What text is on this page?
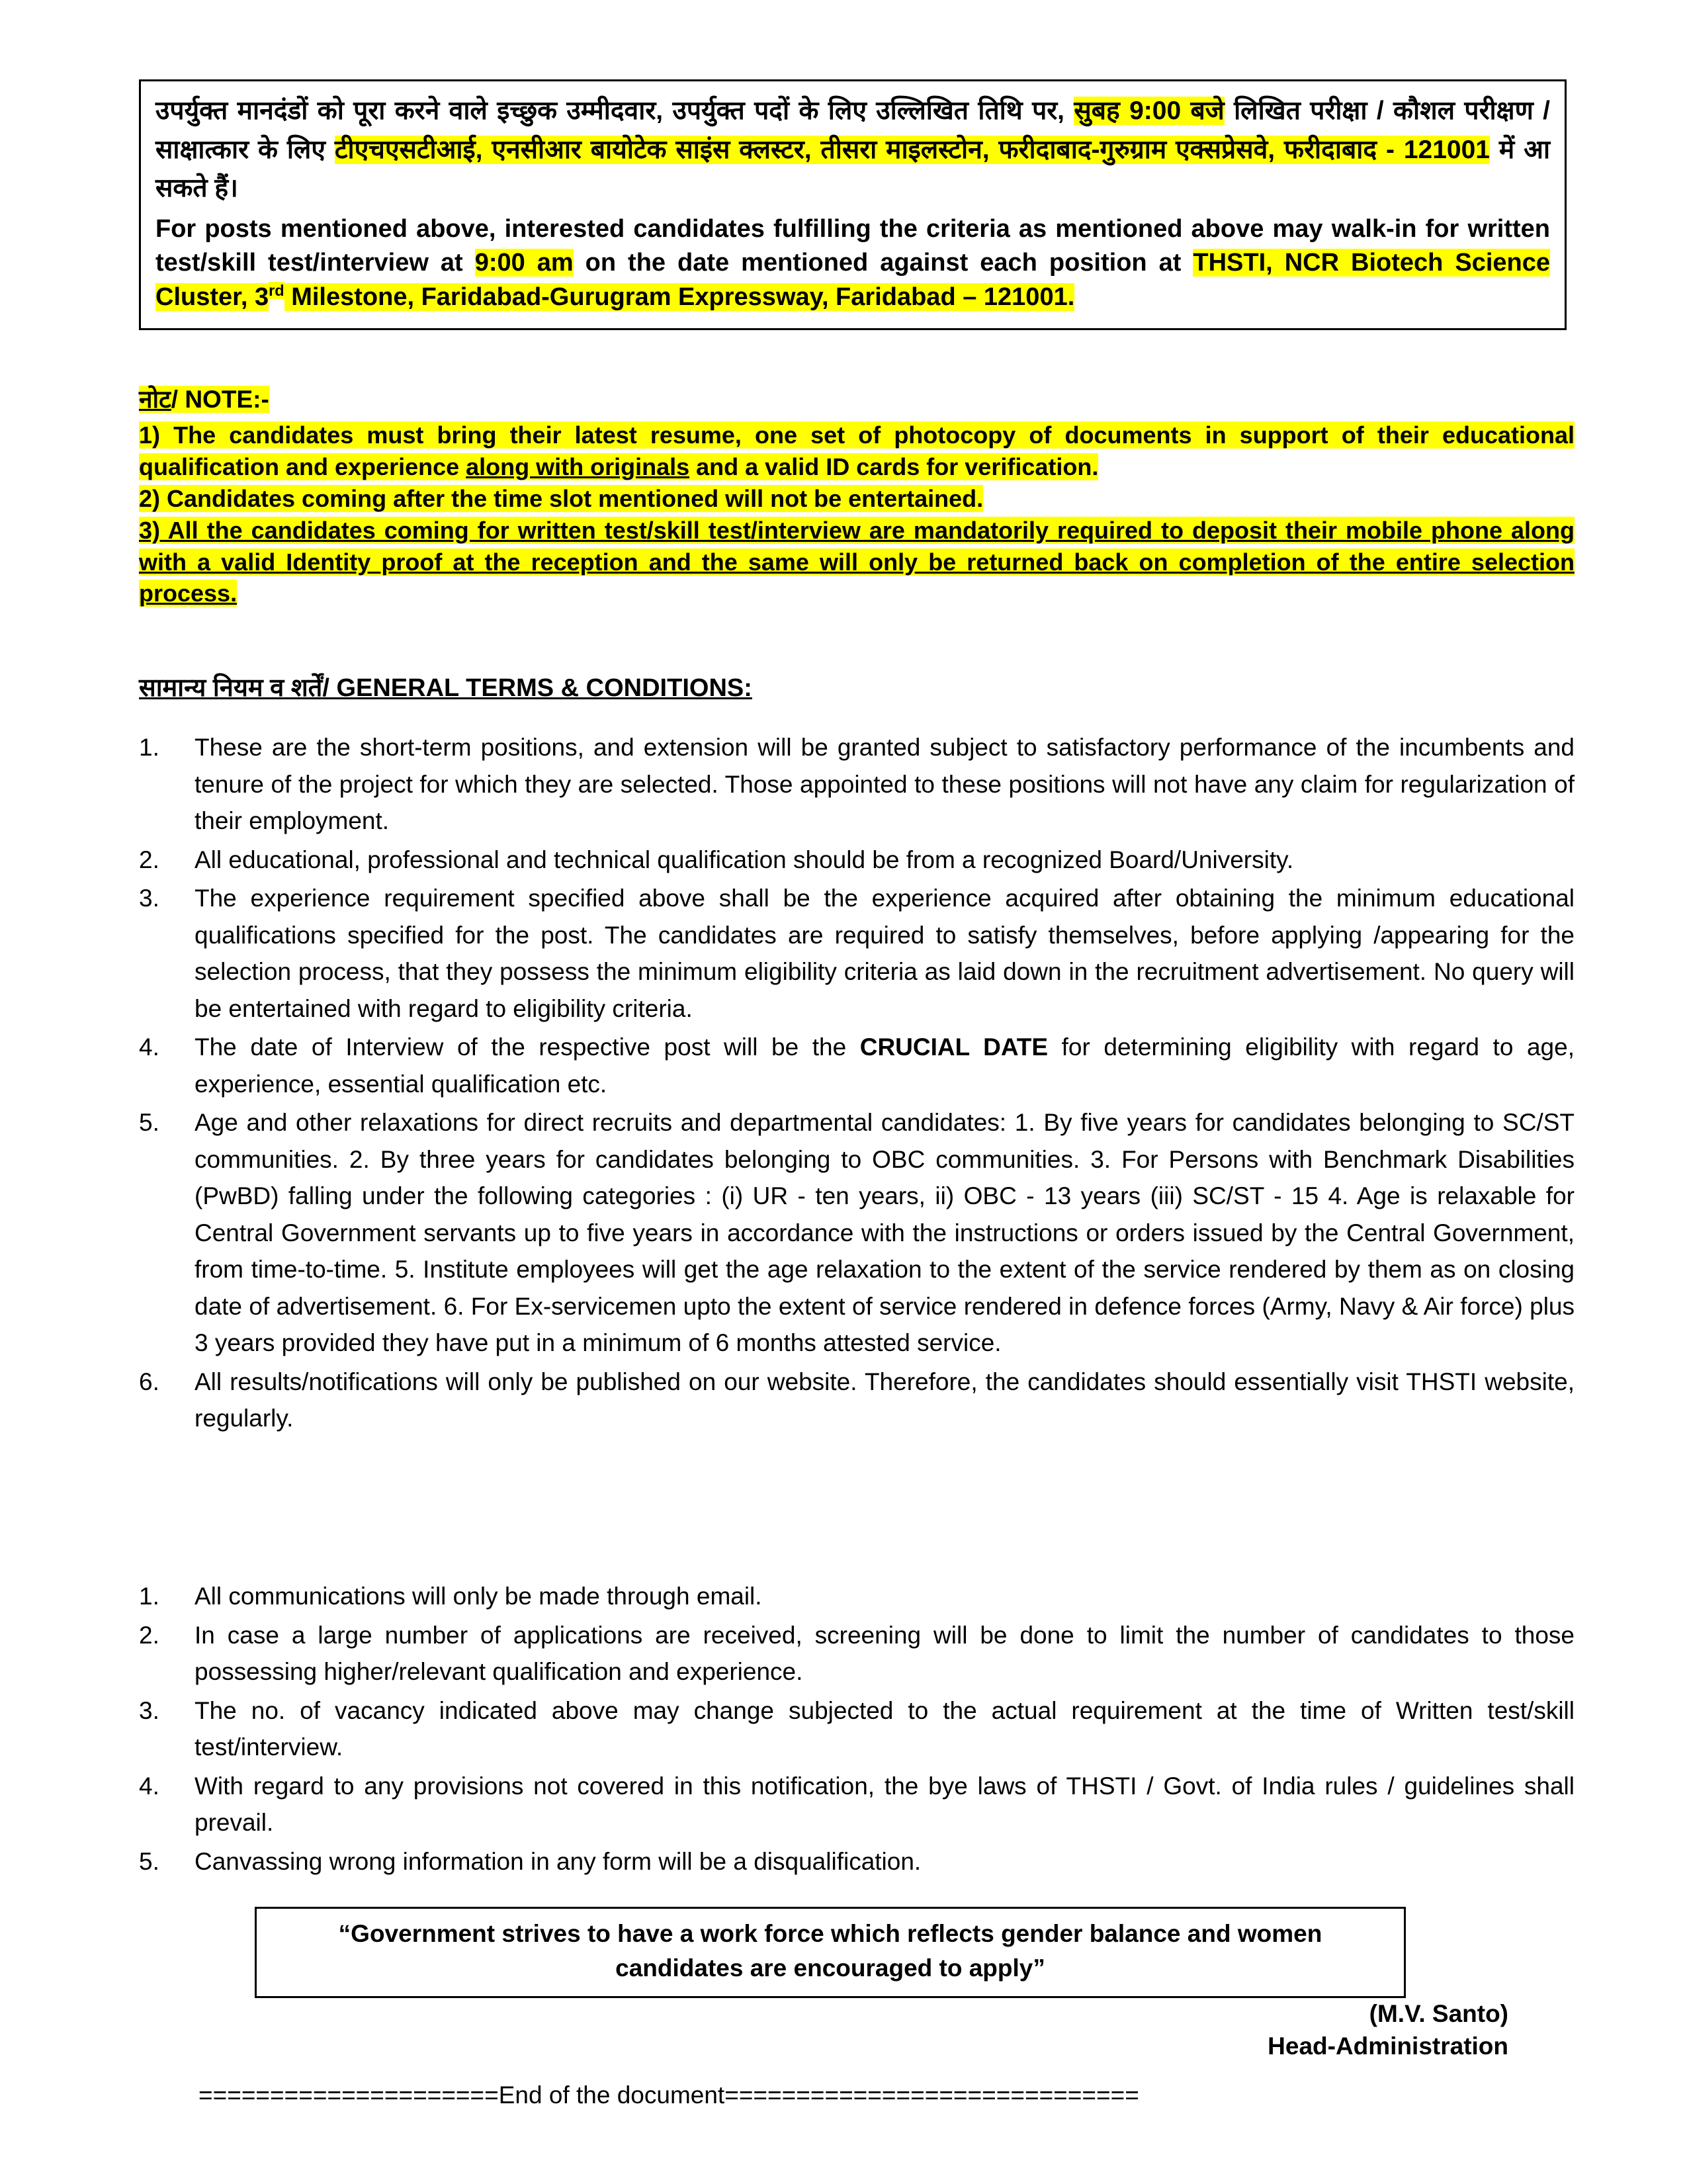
उपर्युक्त मानदंडों को पूरा करने वाले इच्छुक उम्मीदवार, उपर्युक्त पदों के लिए उल्लिखित तिथि पर, सुबह 9:00 बजे लिखित परीक्षा / कौशल परीक्षण / साक्षात्कार के लिए टीएचएसटीआई, एनसीआर बायोटेक साइंस क्लस्टर, तीसरा माइलस्टोन, फरीदाबाद-गुरुग्राम एक्सप्रेसवे, फरीदाबाद - 121001 में आ सकते हैं।

For posts mentioned above, interested candidates fulfilling the criteria as mentioned above may walk-in for written test/skill test/interview at 9:00 am on the date mentioned against each position at THSTI, NCR Biotech Science Cluster, 3rd Milestone, Faridabad-Gurugram Expressway, Faridabad – 121001.

नोट/ NOTE:-

1) The candidates must bring their latest resume, one set of photocopy of documents in support of their educational qualification and experience along with originals and a valid ID cards for verification.

2) Candidates coming after the time slot mentioned will not be entertained.

3) All the candidates coming for written test/skill test/interview are mandatorily required to deposit their mobile phone along with a valid Identity proof at the reception and the same will only be returned back on completion of the entire selection process.

सामान्य नियम व शर्तें/ GENERAL TERMS & CONDITIONS:
1.	These are the short-term positions, and extension will be granted subject to satisfactory performance of the incumbents and tenure of the project for which they are selected. Those appointed to these positions will not have any claim for regularization of their employment.
2.	All educational, professional and technical qualification should be from a recognized Board/University.
3.	The experience requirement specified above shall be the experience acquired after obtaining the minimum educational qualifications specified for the post. The candidates are required to satisfy themselves, before applying /appearing for the selection process, that they possess the minimum eligibility criteria as laid down in the recruitment advertisement. No query will be entertained with regard to eligibility criteria.
4.	The date of Interview of the respective post will be the CRUCIAL DATE for determining eligibility with regard to age, experience, essential qualification etc.
5.	Age and other relaxations for direct recruits and departmental candidates: 1. By five years for candidates belonging to SC/ST communities. 2. By three years for candidates belonging to OBC communities. 3. For Persons with Benchmark Disabilities (PwBD) falling under the following categories : (i) UR - ten years, ii) OBC - 13 years (iii) SC/ST - 15 4. Age is relaxable for Central Government servants up to five years in accordance with the instructions or orders issued by the Central Government, from time-to-time. 5. Institute employees will get the age relaxation to the extent of the service rendered by them as on closing date of advertisement. 6. For Ex-servicemen upto the extent of service rendered in defence forces (Army, Navy & Air force) plus 3 years provided they have put in a minimum of 6 months attested service.
6.	All results/notifications will only be published on our website. Therefore, the candidates should essentially visit THSTI website, regularly.
1.	All communications will only be made through email.
2.	In case a large number of applications are received, screening will be done to limit the number of candidates to those possessing higher/relevant qualification and experience.
3.	The no. of vacancy indicated above may change subjected to the actual requirement at the time of Written test/skill test/interview.
4.	With regard to any provisions not covered in this notification, the bye laws of THSTI / Govt. of India rules / guidelines shall prevail.
5.	Canvassing wrong information in any form will be a disqualification.
“Government strives to have a work force which reflects gender balance and women
candidates are encouraged to apply”
(M.V. Santo)
Head-Administration
=====================End of the document=============================
